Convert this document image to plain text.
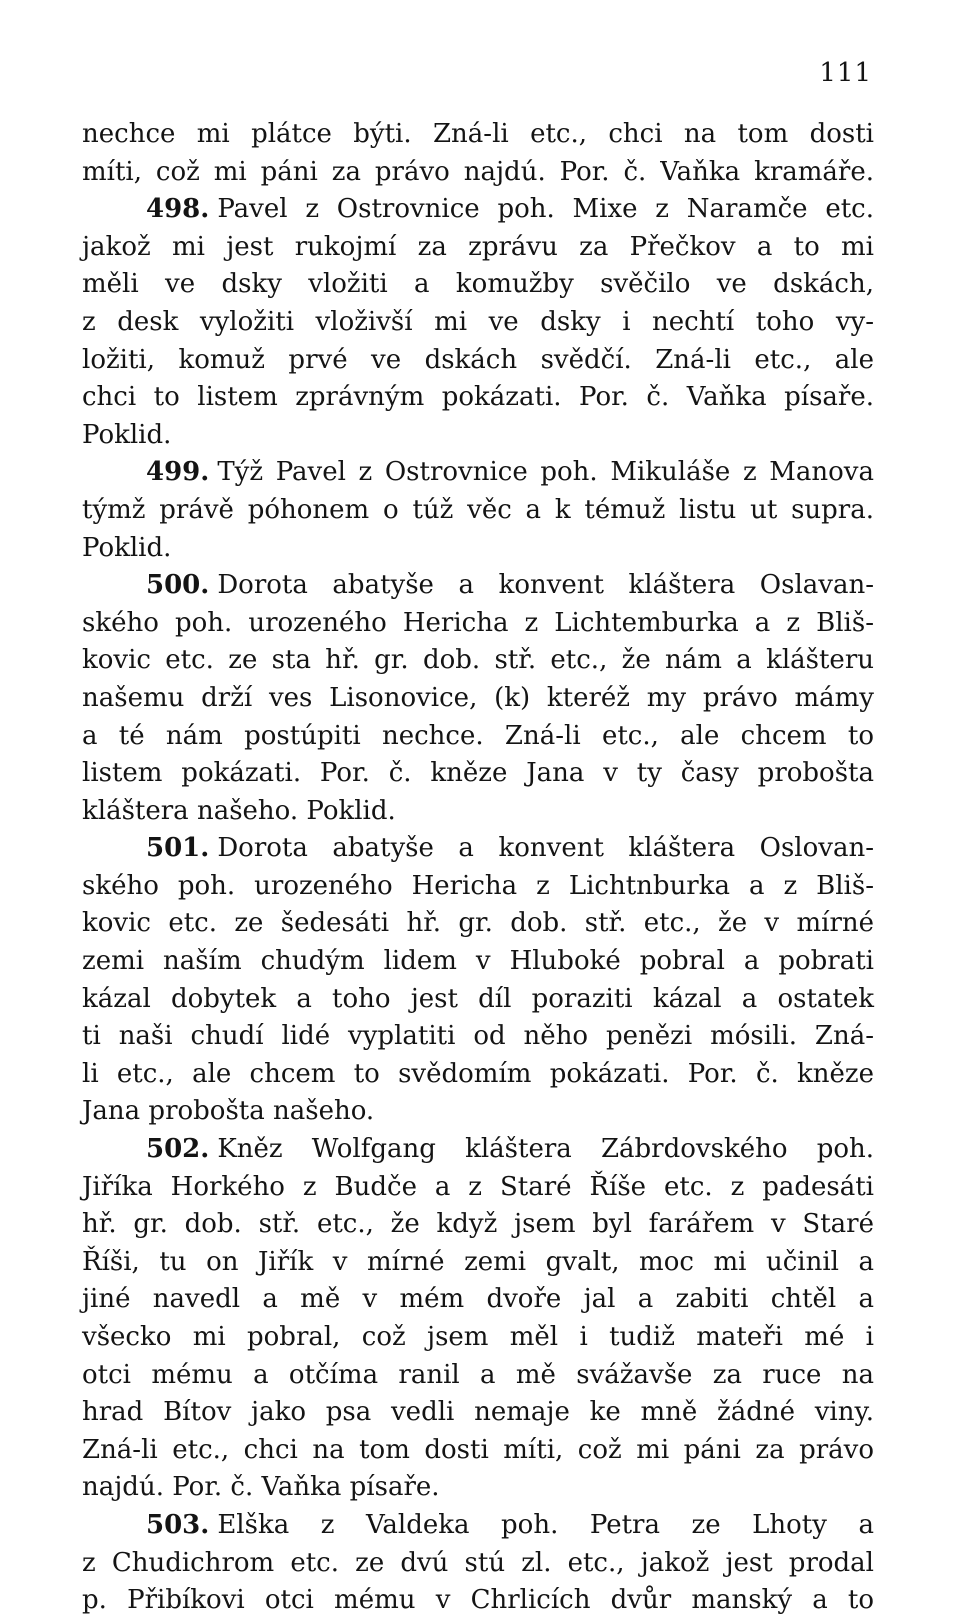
111
nechce mi plátce býti. Zná-li etc., chci na tom dosti
míti, což mi páni za právo najdú. Por. č. Vaňka kramáře.
498. Pavel z Ostrovnice poh. Mixe z Naramče etc.
jakož mi jest rukojmí za zprávu za Přečkov a to mi
měli ve dsky vložiti a komužby svěčilo ve dskách,
z desk vyložiti vloživší mi ve dsky i nechtí toho vy-
ložiti, komuž prvé ve dskách svědčí. Zná-li etc., ale
chci to listem zprávným pokázati. Por. č. Vaňka písaře.
Poklid.
499. Týž Pavel z Ostrovnice poh. Mikuláše z Manova
týmž právě póhonem o túž věc a k témuž listu ut supra.
Poklid.
500. Dorota abatyše a konvent kláštera Oslavan-
ského poh. urozeného Hericha z Lichtemburka a z Bliš-
kovic etc. ze sta hř. gr. dob. stř. etc., že nám a klášteru
našemu drží ves Lisonovice, (k) kteréž my právo mámy
a té nám postúpiti nechce. Zná-li etc., ale chcem to
listem pokázati. Por. č. kněze Jana v ty časy probošta
kláštera našeho. Poklid.
501. Dorota abatyše a konvent kláštera Oslovan-
ského poh. urozeného Hericha z Lichtnburka a z Bliš-
kovic etc. ze šedesáti hř. gr. dob. stř. etc., že v mírné
zemi naším chudým lidem v Hluboké pobral a pobrati
kázal dobytek a toho jest díl poraziti kázal a ostatek
ti naši chudí lidé vyplatiti od něho penězi mósili. Zná-
li etc., ale chcem to svědomím pokázati. Por. č. kněze
Jana probošta našeho.
502. Kněz Wolfgang kláštera Zábrdovského poh.
Jiříka Horkého z Budče a z Staré Říše etc. z padesáti
hř. gr. dob. stř. etc., že když jsem byl farářem v Staré
Říši, tu on Jiřík v mírné zemi gvalt, moc mi učinil a
jiné navedl a mě v mém dvoře jal a zabiti chtěl a
všecko mi pobral, což jsem měl i tudiž mateři mé i
otci mému a otčíma ranil a mě svážavše za ruce na
hrad Bítov jako psa vedli nemaje ke mně žádné viny.
Zná-li etc., chci na tom dosti míti, což mi páni za právo
najdú. Por. č. Vaňka písaře.
503. Elška z Valdeka poh. Petra ze Lhoty a
z Chudichrom etc. ze dvú stú zl. etc., jakož jest prodal
p. Přibíkovi otci mému v Chrlicích dvůr manský a to
